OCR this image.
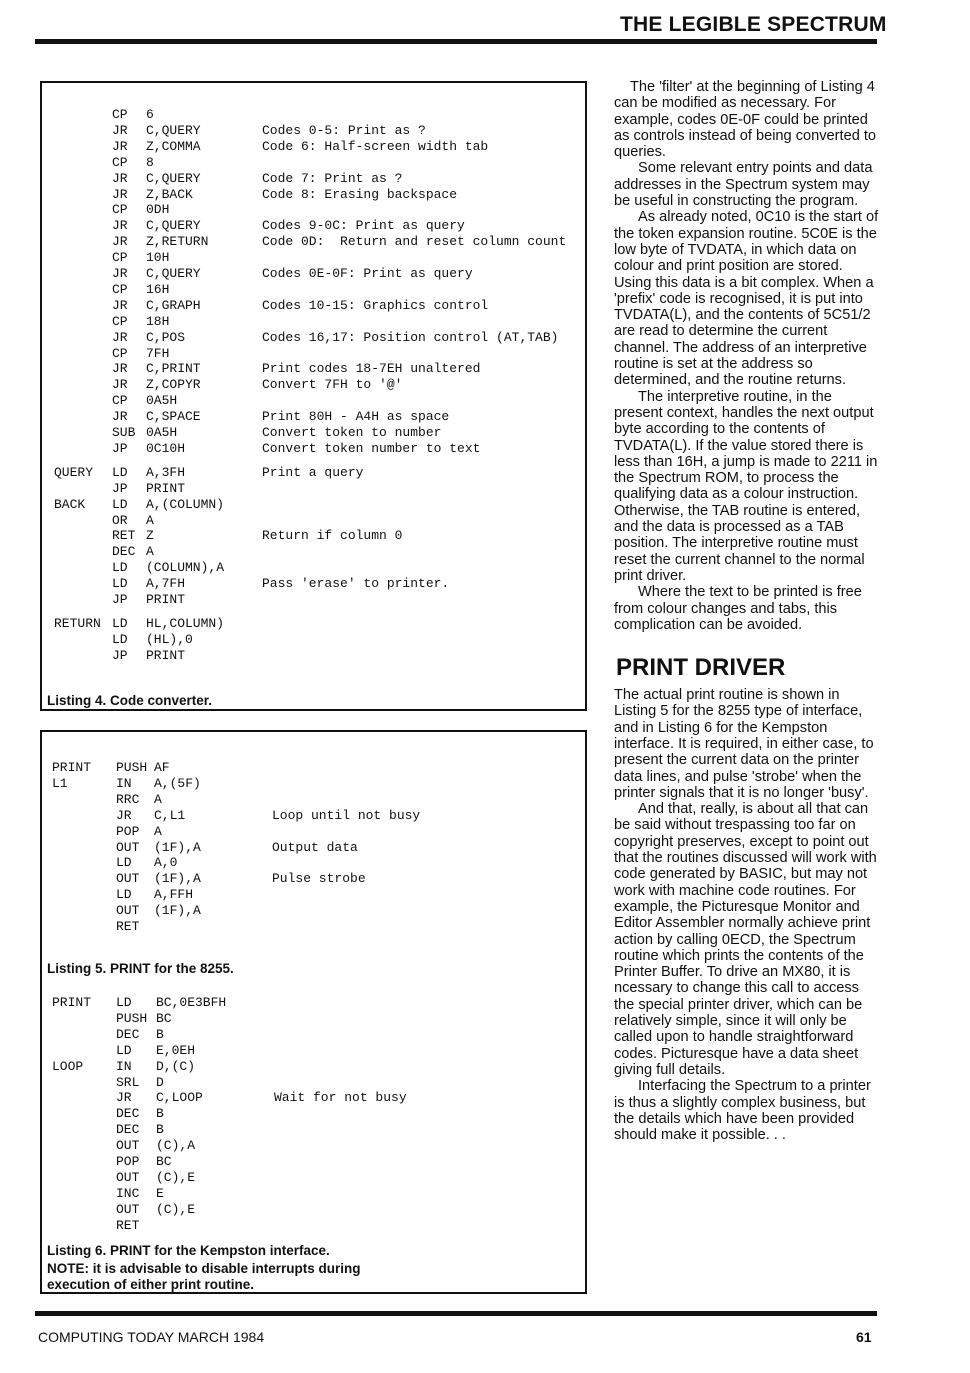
THE LEGIBLE SPECTRUM
CP 6
JR C,QUERY	Codes 0-5: Print as ?
JR Z,COMMA	Code 6: Half-screen width tab
CP 8
JR C,QUERY	Code 7: Print as ?
JR Z,BACK	Code 8: Erasing backspace
CP 0DH
JR C,QUERY	Codes 9-0C: Print as query
JR Z,RETURN	Code 0D:  Return and reset column count
CP 10H
JR C,QUERY	Codes 0E-0F: Print as query
CP 16H
JR C,GRAPH	Codes 10-15: Graphics control
CP 18H
JR C,POS	Codes 16,17: Position control (AT,TAB)
CP 7FH
JR C,PRINT	Print codes 18-7EH unaltered
JR Z,COPYR	Convert 7FH to '@'
CP 0A5H
JR C,SPACE	Print 80H - A4H as space
SUB 0A5H	Convert token to number
JP 0C10H	Convert token number to text
QUERY LD A,3FH	Print a query
JP PRINT
BACK LD A,(COLUMN)
OR A
RET Z	Return if column 0
DEC A
LD (COLUMN),A
LD A,7FH	Pass 'erase' to printer.
JP PRINT
RETURN LD HL,COLUMN)
LD (HL),0
JP PRINT
Listing 4. Code converter.
PRINT PUSH AF
L1	IN A,(5F)
RRC A
JR C,L1	Loop until not busy
POP A
OUT (1F),A	Output data
LD A,0
OUT (1F),A	Pulse strobe
LD A,FFH
OUT (1F),A
RET
Listing 5. PRINT for the 8255.
PRINT LD BC,0E3BFH
PUSH BC
DEC B
LD E,0EH
LOOP	IN D,(C)
SRL D
JR C,LOOP	Wait for not busy
DEC B
DEC B
OUT (C),A
POP BC
OUT (C),E
INC E
OUT (C),E
RET
Listing 6. PRINT for the Kempston interface.
NOTE: it is advisable to disable interrupts during execution of either print routine.

The 'filter' at the beginning of Listing 4 can be modified as necessary. For example, codes 0E-0F could be printed as controls instead of being converted to queries.

Some relevant entry points and data addresses in the Spectrum system may be useful in constructing the program.

As already noted, 0C10 is the start of the token expansion routine. 5C0E is the low byte of TVDATA, in which data on colour and print position are stored. Using this data is a bit complex. When a 'prefix' code is recognised, it is put into TVDATA(L), and the contents of 5C51/2 are read to determine the current channel. The address of an interpretive routine is set at the address so determined, and the routine returns.

The interpretive routine, in the present context, handles the next output byte according to the contents of TVDATA(L). If the value stored there is less than 16H, a jump is made to 2211 in the Spectrum ROM, to process the qualifying data as a colour instruction. Otherwise, the TAB routine is entered, and the data is processed as a TAB position. The interpretive routine must reset the current channel to the normal print driver.

Where the text to be printed is free from colour changes and tabs, this complication can be avoided.

PRINT DRIVER

The actual print routine is shown in Listing 5 for the 8255 type of interface, and in Listing 6 for the Kempston interface. It is required, in either case, to present the current data on the printer data lines, and pulse 'strobe' when the printer signals that it is no longer 'busy'.

And that, really, is about all that can be said without trespassing too far on copyright preserves, except to point out that the routines discussed will work with code generated by BASIC, but may not work with machine code routines. For example, the Picturesque Monitor and Editor Assembler normally achieve print action by calling 0ECD, the Spectrum routine which prints the contents of the Printer Buffer. To drive an MX80, it is ncessary to change this call to access the special printer driver, which can be relatively simple, since it will only be called upon to handle straightforward codes. Picturesque have a data sheet giving full details.

Interfacing the Spectrum to a printer is thus a slightly complex business, but the details which have been provided should make it possible. . .

COMPUTING TODAY MARCH 1984	61
